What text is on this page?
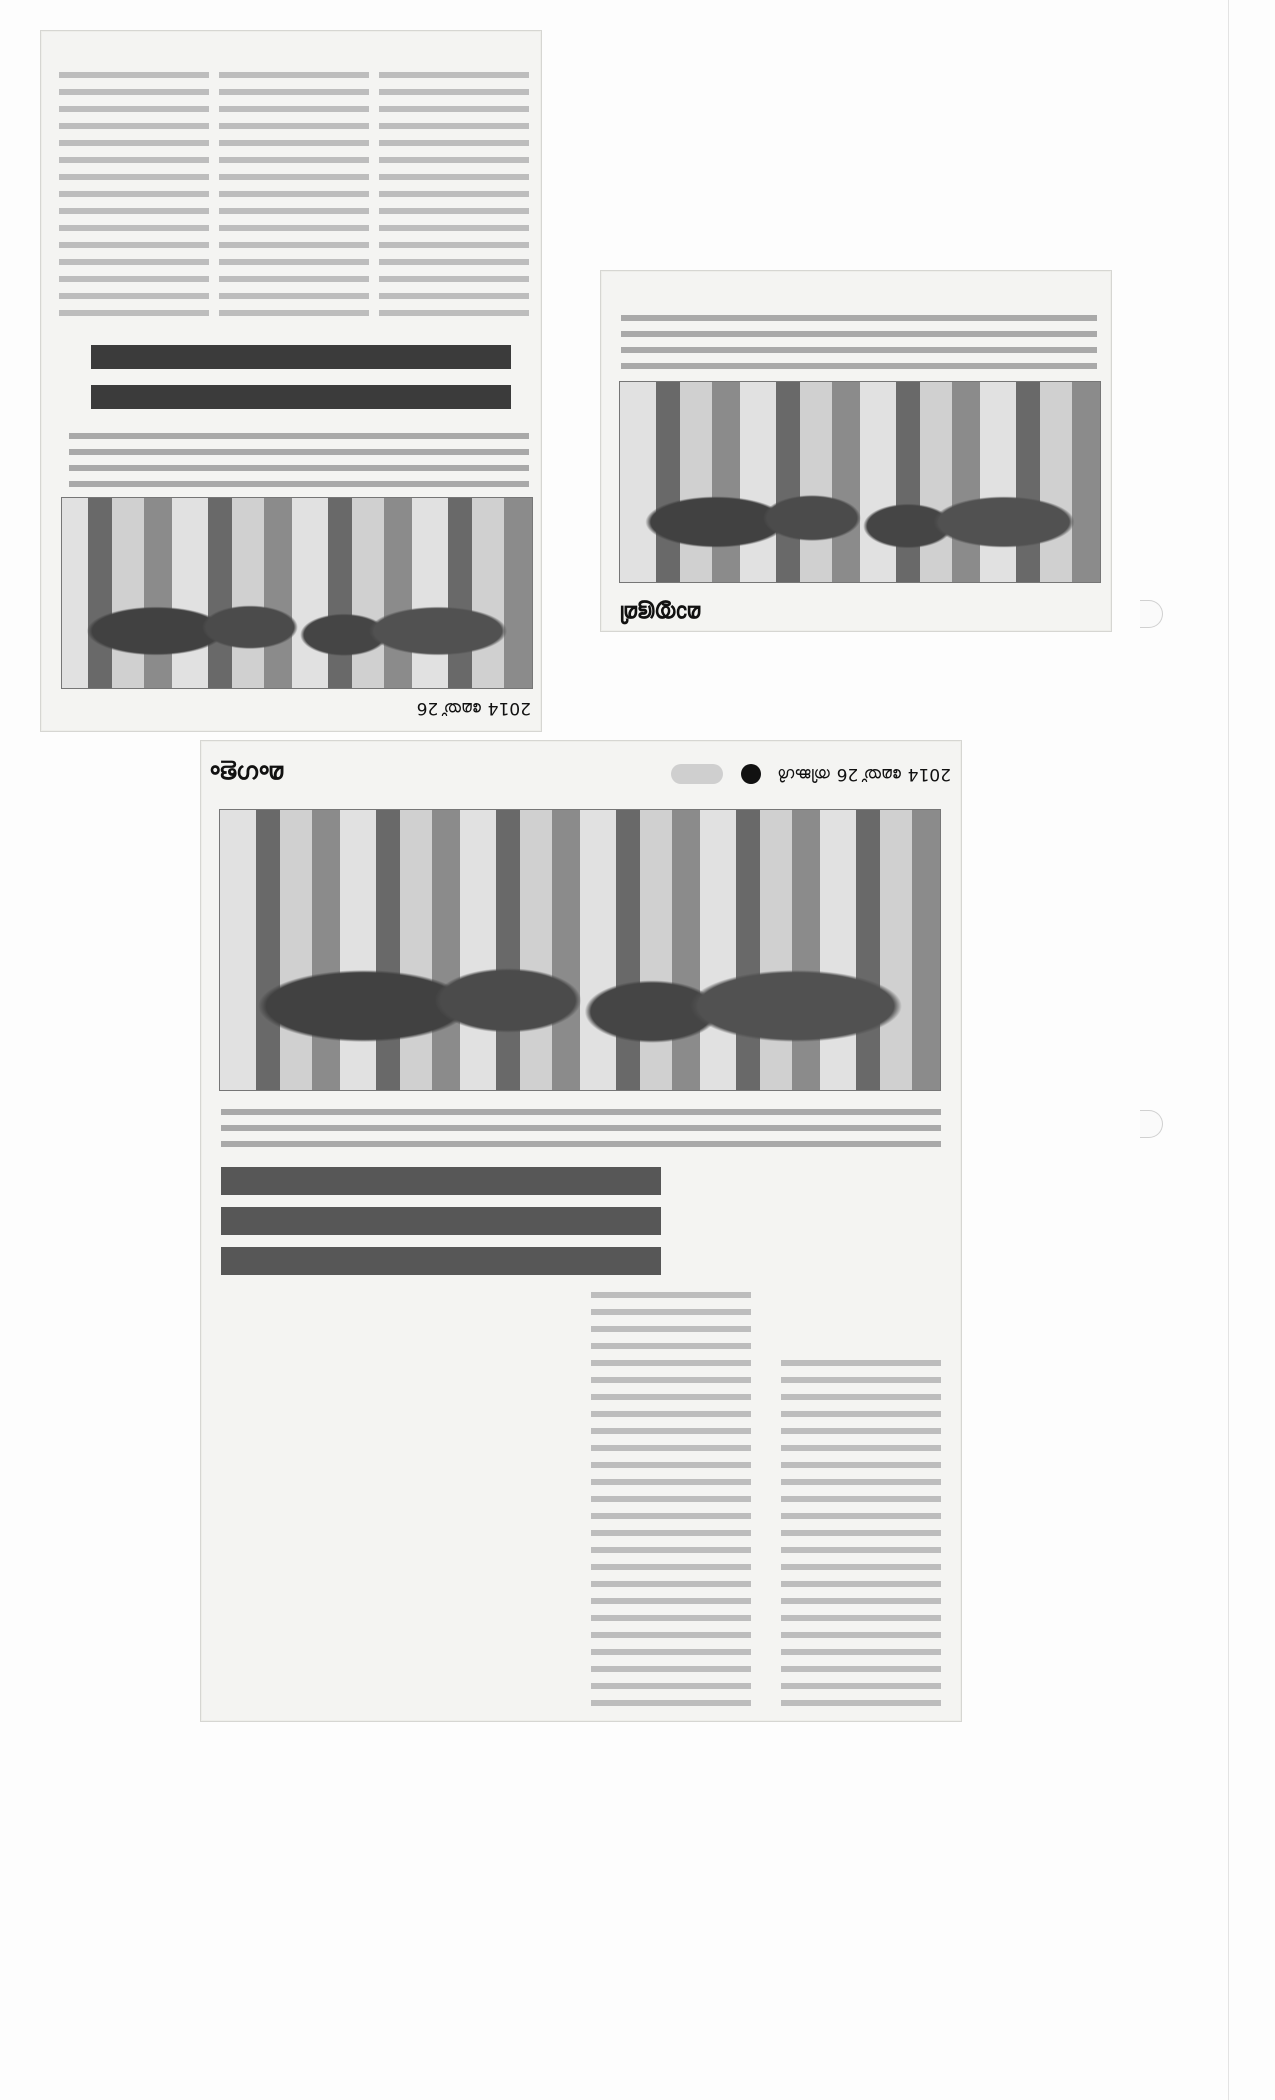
2014 മേയ് 26
മാതൃഭൂമി
2014 മേയ് 26 തിങ്കൾ
മംഗളം
